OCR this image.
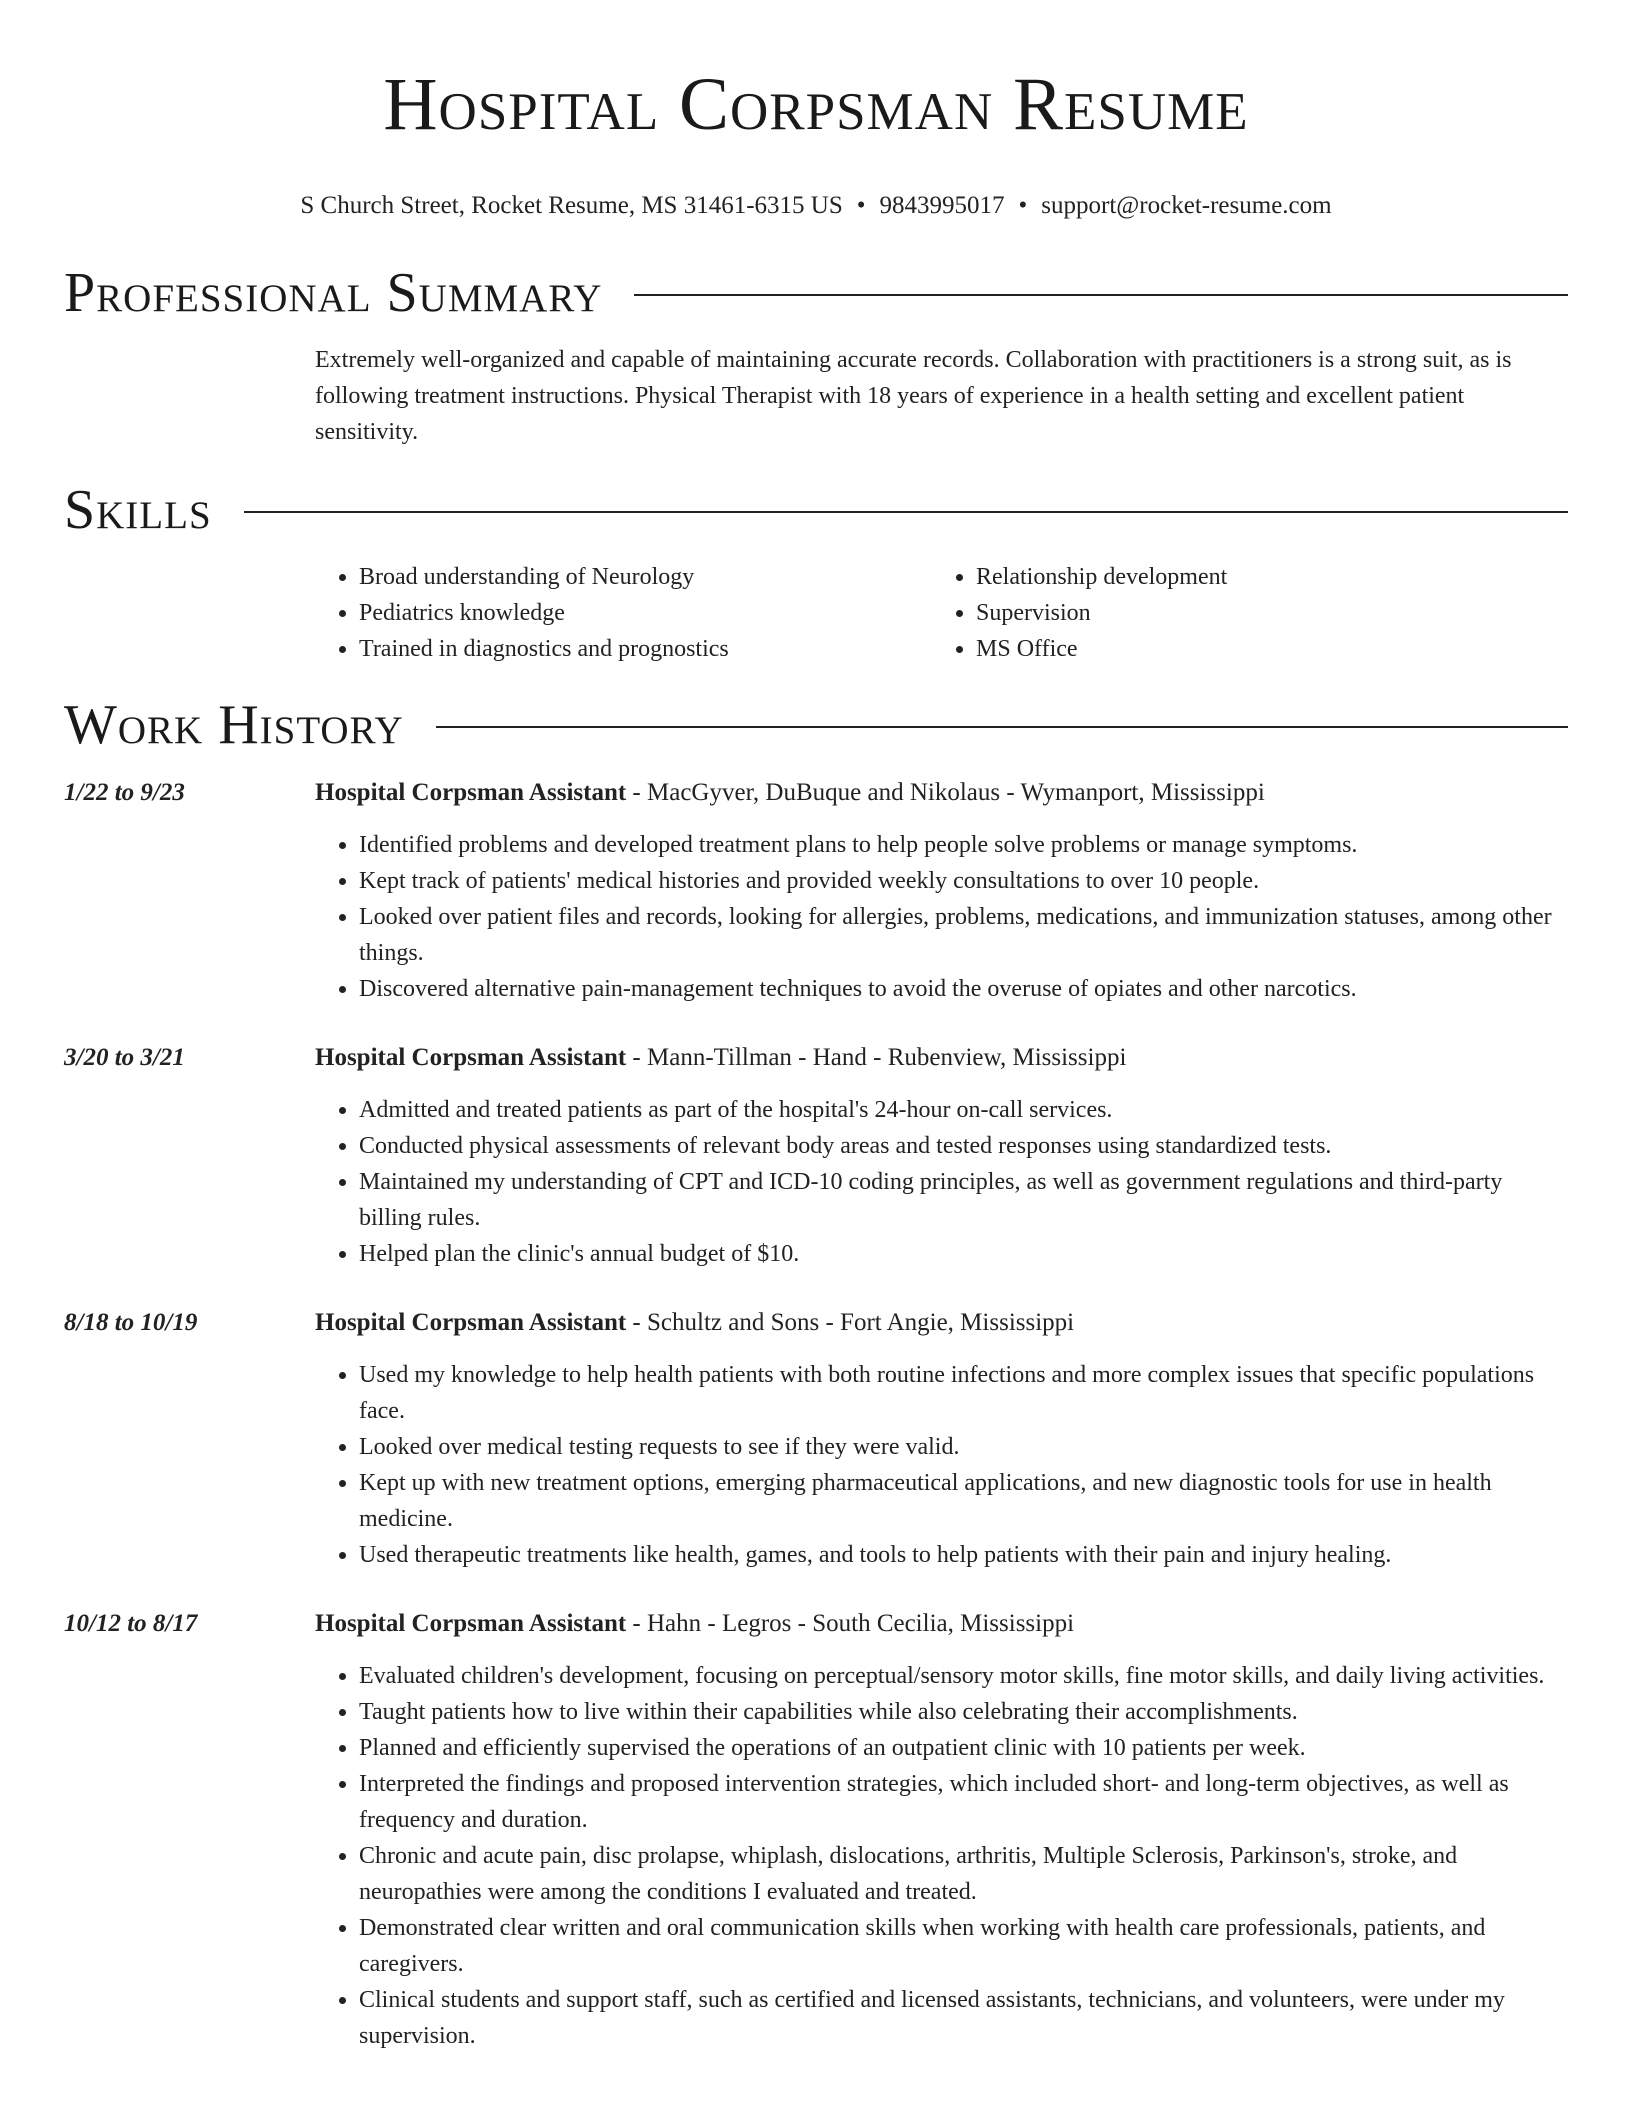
Hospital Corpsman Resume
S Church Street, Rocket Resume, MS 31461-6315 US • 9843995017 • support@rocket-resume.com
Professional Summary

Extremely well-organized and capable of maintaining accurate records. Collaboration with practitioners is a strong suit, as is following treatment instructions. Physical Therapist with 18 years of experience in a health setting and excellent patient sensitivity.

Skills
• Broad understanding of Neurology
• Pediatrics knowledge
• Trained in diagnostics and prognostics
• Relationship development
• Supervision
• MS Office
Work History
1/22 to 9/23	Hospital Corpsman Assistant - MacGyver, DuBuque and Nikolaus - Wymanport, Mississippi
• Identified problems and developed treatment plans to help people solve problems or manage symptoms.
• Kept track of patients' medical histories and provided weekly consultations to over 10 people.
• Looked over patient files and records, looking for allergies, problems, medications, and immunization statuses, among other things.
• Discovered alternative pain-management techniques to avoid the overuse of opiates and other narcotics.
3/20 to 3/21	Hospital Corpsman Assistant - Mann-Tillman - Hand - Rubenview, Mississippi
• Admitted and treated patients as part of the hospital's 24-hour on-call services.
• Conducted physical assessments of relevant body areas and tested responses using standardized tests.
• Maintained my understanding of CPT and ICD-10 coding principles, as well as government regulations and third-party billing rules.
• Helped plan the clinic's annual budget of $10.
8/18 to 10/19	Hospital Corpsman Assistant - Schultz and Sons - Fort Angie, Mississippi
• Used my knowledge to help health patients with both routine infections and more complex issues that specific populations face.
• Looked over medical testing requests to see if they were valid.
• Kept up with new treatment options, emerging pharmaceutical applications, and new diagnostic tools for use in health medicine.
• Used therapeutic treatments like health, games, and tools to help patients with their pain and injury healing.
10/12 to 8/17	Hospital Corpsman Assistant - Hahn - Legros - South Cecilia, Mississippi
• Evaluated children's development, focusing on perceptual/sensory motor skills, fine motor skills, and daily living activities.
• Taught patients how to live within their capabilities while also celebrating their accomplishments.
• Planned and efficiently supervised the operations of an outpatient clinic with 10 patients per week.
• Interpreted the findings and proposed intervention strategies, which included short- and long-term objectives, as well as frequency and duration.
• Chronic and acute pain, disc prolapse, whiplash, dislocations, arthritis, Multiple Sclerosis, Parkinson's, stroke, and neuropathies were among the conditions I evaluated and treated.
• Demonstrated clear written and oral communication skills when working with health care professionals, patients, and caregivers.
• Clinical students and support staff, such as certified and licensed assistants, technicians, and volunteers, were under my supervision.
